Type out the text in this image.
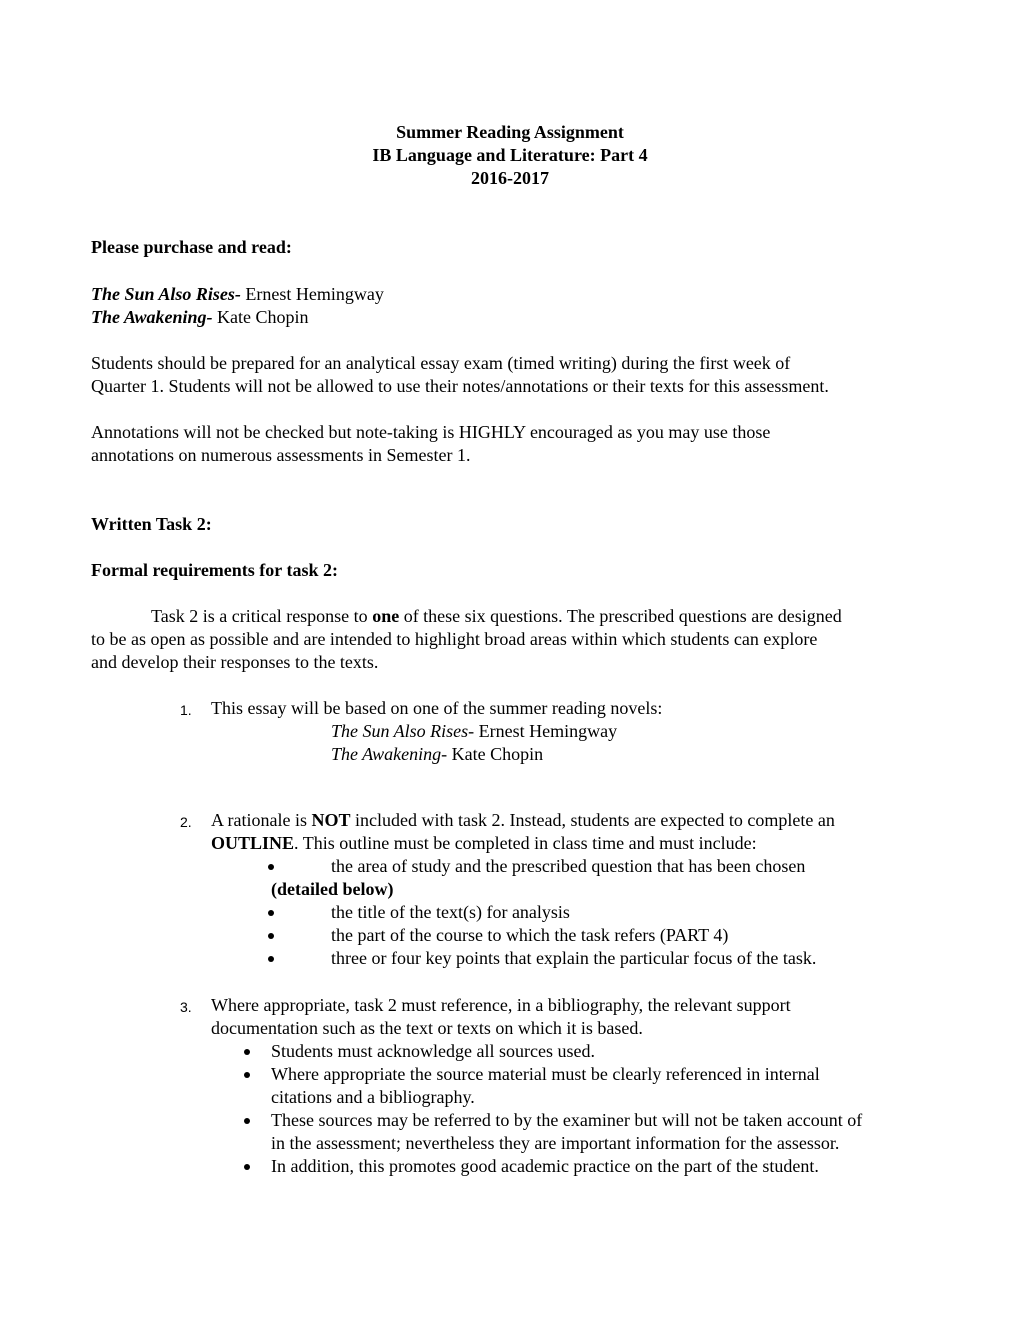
Summer Reading Assignment
IB Language and Literature: Part 4
2016-2017
Please purchase and read:
The Sun Also Rises- Ernest Hemingway
The Awakening- Kate Chopin
Students should be prepared for an analytical essay exam (timed writing) during the first week of
Quarter 1. Students will not be allowed to use their notes/annotations or their texts for this assessment.
Annotations will not be checked but note-taking is HIGHLY encouraged as you may use those
annotations on numerous assessments in Semester 1.
Written Task 2:
Formal requirements for task 2:
Task 2 is a critical response to one of these six questions. The prescribed questions are designed
to be as open as possible and are intended to highlight broad areas within which students can explore
and develop their responses to the texts.
1. This essay will be based on one of the summer reading novels:
The Sun Also Rises- Ernest Hemingway
The Awakening- Kate Chopin
2. A rationale is NOT included with task 2. Instead, students are expected to complete an
OUTLINE. This outline must be completed in class time and must include:
the area of study and the prescribed question that has been chosen
(detailed below)
the title of the text(s) for analysis
the part of the course to which the task refers (PART 4)
three or four key points that explain the particular focus of the task.
3. Where appropriate, task 2 must reference, in a bibliography, the relevant support
documentation such as the text or texts on which it is based.
Students must acknowledge all sources used.
Where appropriate the source material must be clearly referenced in internal
citations and a bibliography.
These sources may be referred to by the examiner but will not be taken account of
in the assessment; nevertheless they are important information for the assessor.
In addition, this promotes good academic practice on the part of the student.
